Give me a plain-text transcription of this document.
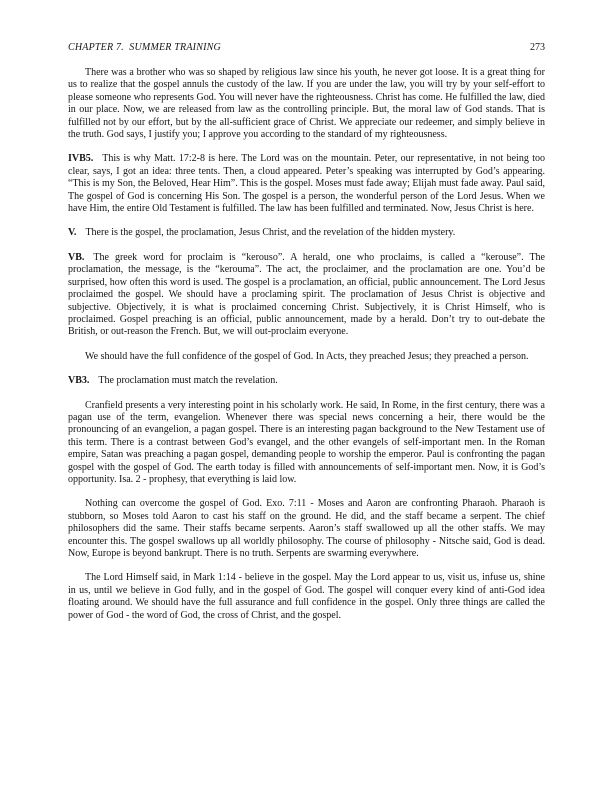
CHAPTER 7.  SUMMER TRAINING	273

There was a brother who was so shaped by religious law since his youth, he never got loose. It is a great thing for us to realize that the gospel annuls the custody of the law. If you are under the law, you will try by your self-effort to please someone who represents God. You will never have the righteousness. Christ has come. He fulfilled the law, died in our place. Now, we are released from law as the controlling principle. But, the moral law of God stands. That is fulfilled not by our effort, but by the all-sufficient grace of Christ. We appreciate our redeemer, and simply believe in the truth. God says, I justify you; I approve you according to the standard of my righteousness.

IVB5. This is why Matt. 17:2-8 is here. The Lord was on the mountain. Peter, our representative, in not being too clear, says, I got an idea: three tents. Then, a cloud appeared. Peter’s speaking was interrupted by God’s appearing. “This is my Son, the Beloved, Hear Him”. This is the gospel. Moses must fade away; Elijah must fade away. Paul said, The gospel of God is concerning His Son. The gospel is a person, the wonderful person of the Lord Jesus. When we have Him, the entire Old Testament is fulfilled. The law has been fulfilled and terminated. Now, Jesus Christ is here.

V. There is the gospel, the proclamation, Jesus Christ, and the revelation of the hidden mystery.

VB. The greek word for proclaim is “kerouso”. A herald, one who proclaims, is called a “kerouse”. The proclamation, the message, is the “kerouma”. The act, the proclaimer, and the proclamation are one. You’d be surprised, how often this word is used. The gospel is a proclamation, an official, public announcement. The Lord Jesus proclaimed the gospel. We should have a proclaming spirit. The proclamation of Jesus Christ is objective and subjective. Objectively, it is what is proclaimed concerning Christ. Subjectively, it is Christ Himself, who is proclaimed. Gospel preaching is an official, public announcement, made by a herald. Don’t try to out-debate the British, or out-reason the French. But, we will out-proclaim everyone.

We should have the full confidence of the gospel of God. In Acts, they preached Jesus; they preached a person.

VB3. The proclamation must match the revelation.

Cranfield presents a very interesting point in his scholarly work. He said, In Rome, in the first century, there was a pagan use of the term, evangelion. Whenever there was special news concerning a heir, there would be the pronouncing of an evangelion, a pagan gospel. There is an interesting pagan background to the New Testament use of this term. There is a contrast between God’s evangel, and the other evangels of self-important men. In the Roman empire, Satan was preaching a pagan gospel, demanding people to worship the emperor. Paul is confronting the pagan gospel with the gospel of God. The earth today is filled with announcements of self-important men. Now, it is God’s opportunity. Isa. 2 - prophesy, that everything is laid low.

Nothing can overcome the gospel of God. Exo. 7:11 - Moses and Aaron are confronting Pharaoh. Pharaoh is stubborn, so Moses told Aaron to cast his staff on the ground. He did, and the staff became a serpent. The chief philosophers did the same. Their staffs became serpents. Aaron’s staff swallowed up all the other staffs. We may encounter this. The gospel swallows up all worldly philosophy. The course of philosophy - Nitsche said, God is dead. Now, Europe is beyond bankrupt. There is no truth. Serpents are swarming everywhere.

The Lord Himself said, in Mark 1:14 - believe in the gospel. May the Lord appear to us, visit us, infuse us, shine in us, until we believe in God fully, and in the gospel of God. The gospel will conquer every kind of anti-God idea floating around. We should have the full assurance and full confidence in the gospel. Only three things are called the power of God - the word of God, the cross of Christ, and the gospel.
